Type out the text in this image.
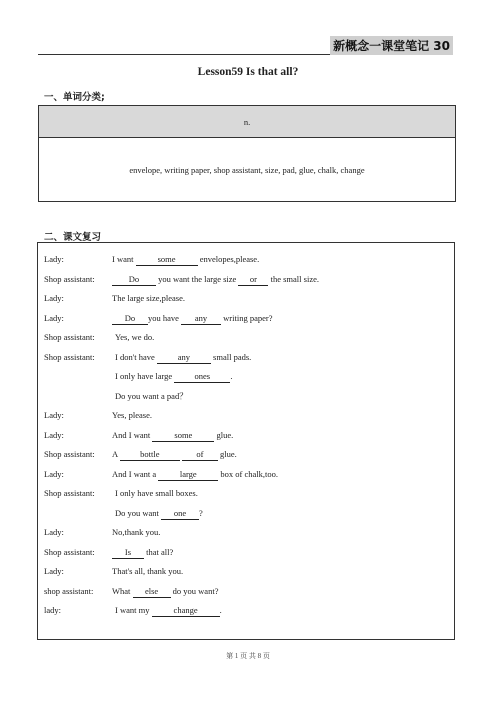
新概念一课堂笔记 30
Lesson59 Is that all?
一、单词分类;
n.
envelope, writing paper, shop assistant, size, pad, glue, chalk, change
二、课文复习
Lady:	I want	some	envelopes,please.
Shop assistant:	Do you want the large size or the small size.
Lady:	The large size,please.
Lady:	Do you have any writing paper?
Shop assistant: Yes, we do.
Shop assistant: I don't have any small pads.
I only have large ones .
Do you want a pad？
Lady:	Yes, please.
Lady:	And I want	some	glue.
Shop assistant: A bottle	of glue.
Lady:	And I want a	large	box of chalk,too.
Shop assistant: I only have small boxes.
Do you want one ?
Lady:	No,thank you.
Shop assistant:	Is that all?
Lady:	That's all, thank you.
shop assistant: What else do you want?
lady:	I want my	change	.
第 1 页 共 8 页
